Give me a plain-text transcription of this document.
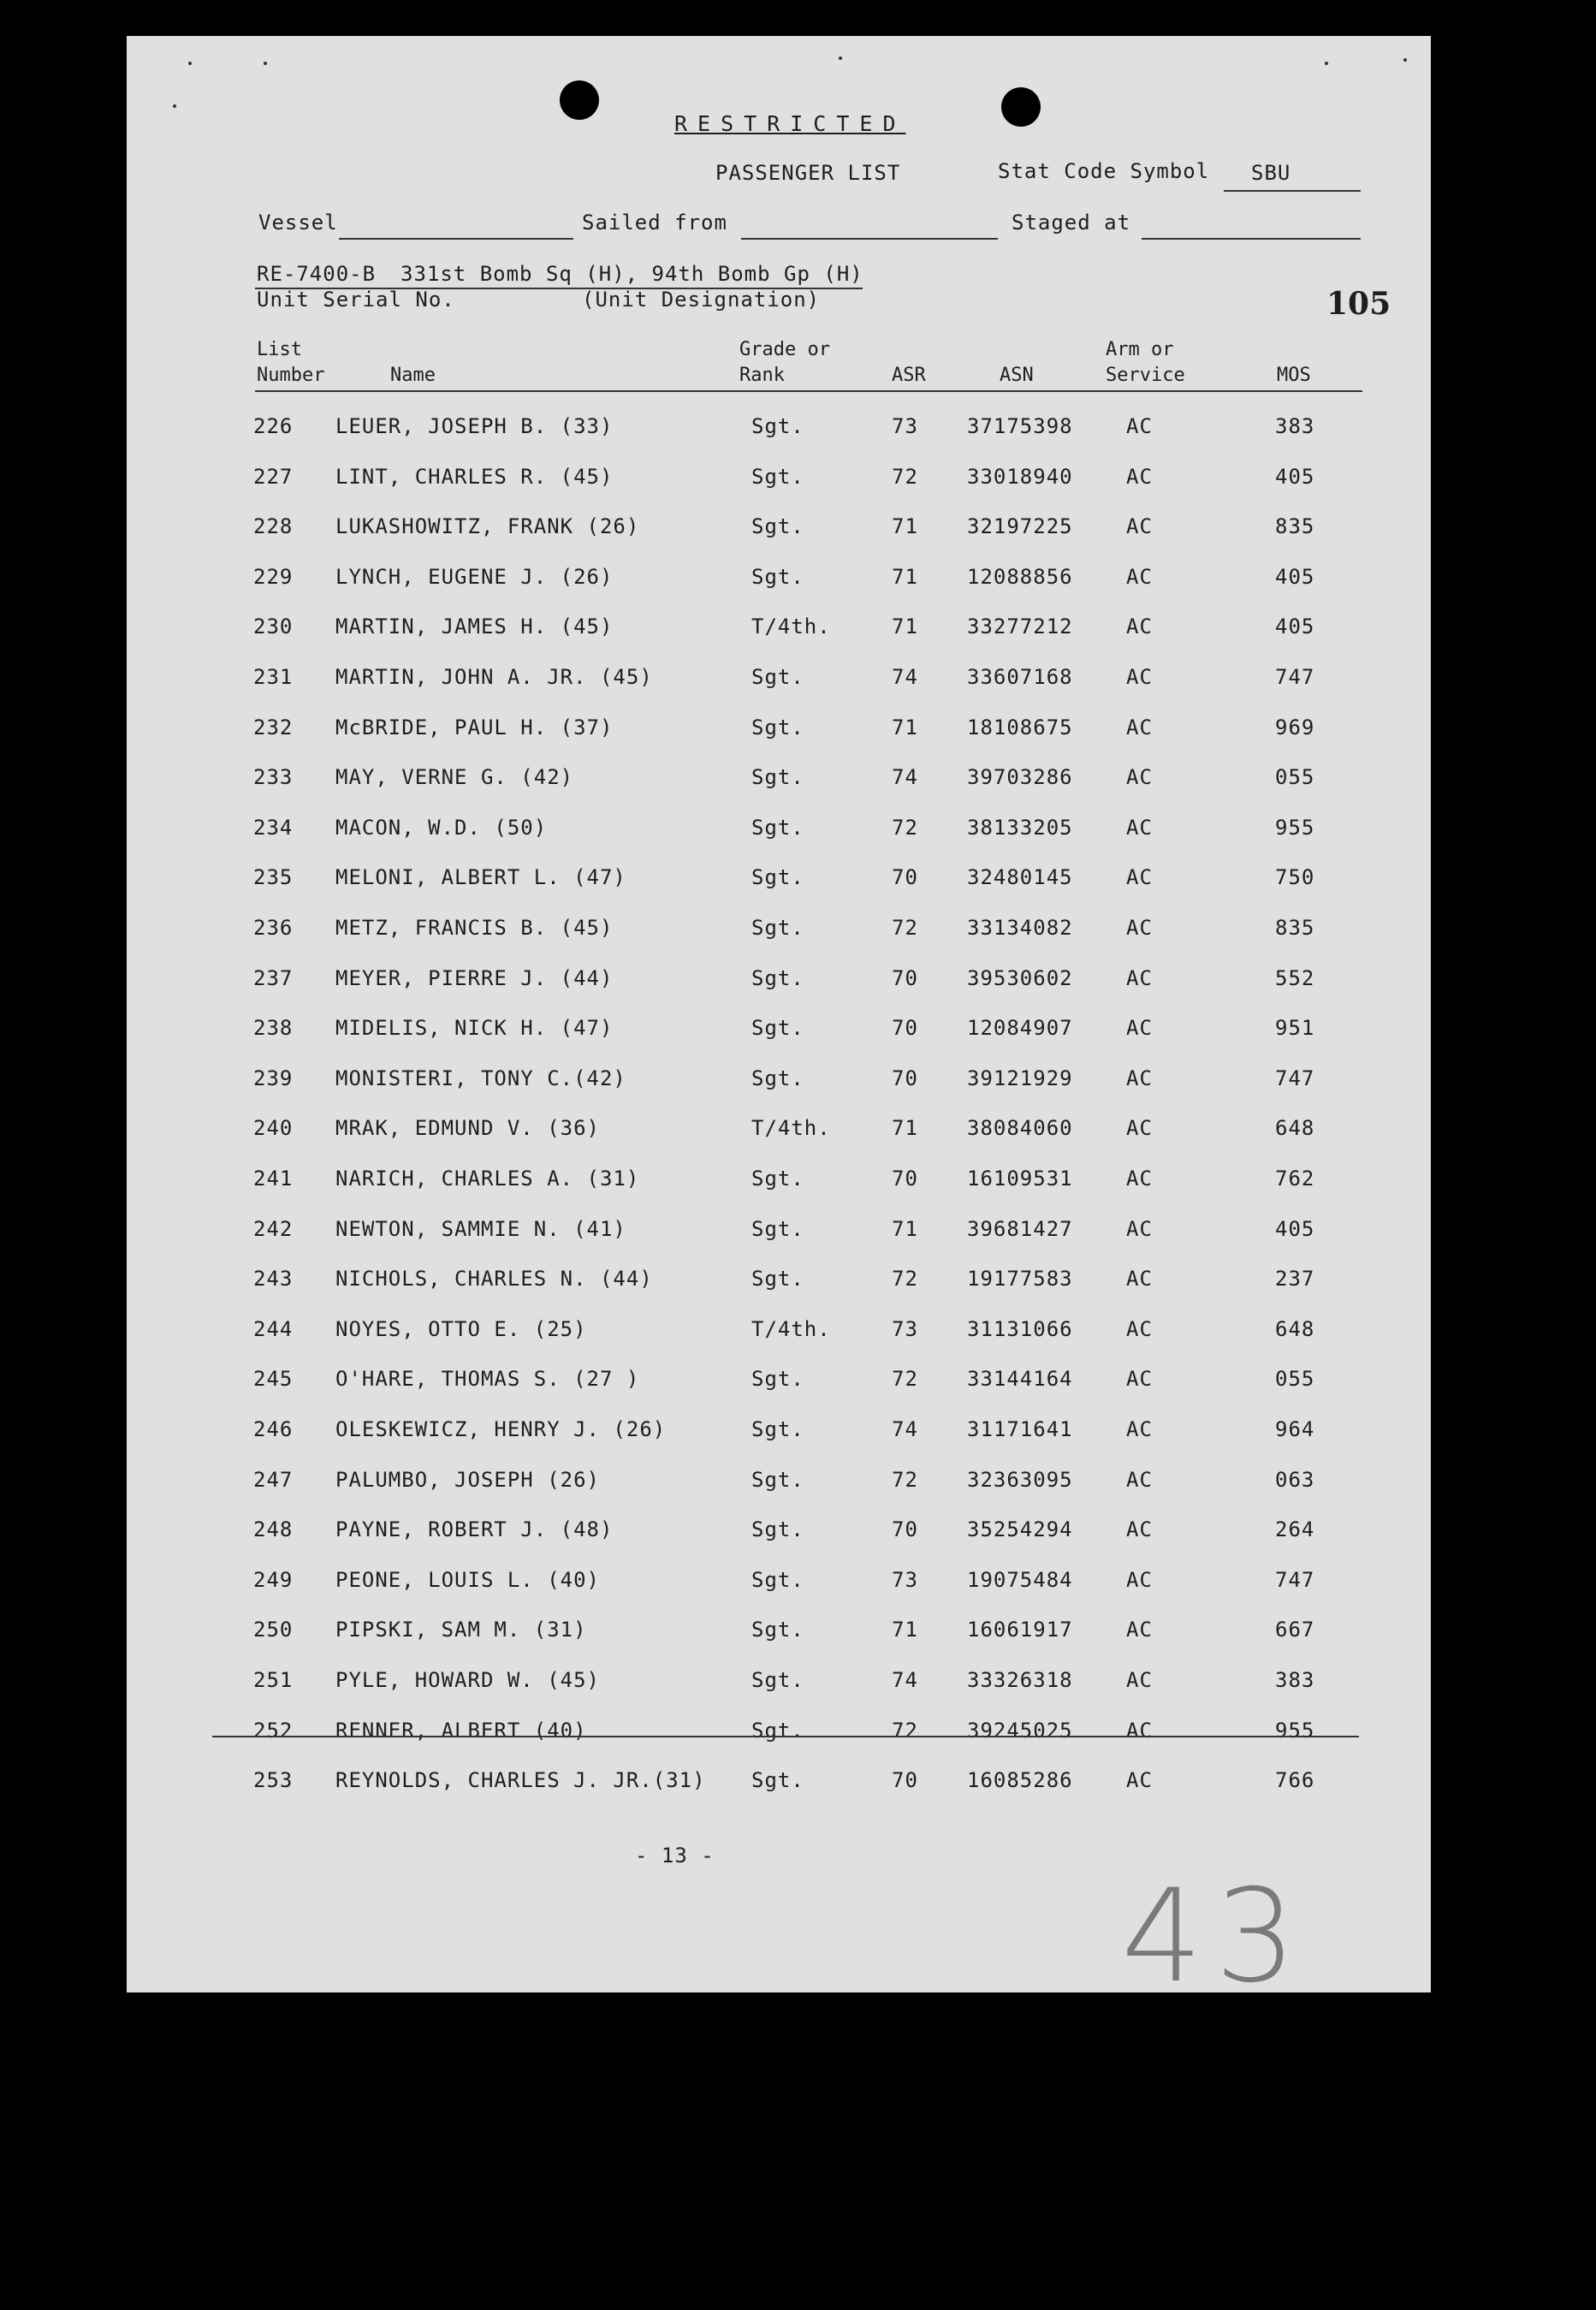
RESTRICTED
PASSENGER LIST	Stat Code Symbol SBU
Vessel	Sailed from	Staged at
RE-7400-B 331st Bomb Sq (H), 94th Bomb Gp (H)
Unit Serial No.	(Unit Designation)	105
List
Number	Name
Grade or
Rank	ASR	ASN
Arm or
Service	MOS
226 LEUER, JOSEPH B. (33)	Sgt.	73 37175398	AC	383
227 LINT, CHARLES R. (45)	Sgt.	72 33018940	AC	405
228 LUKASHOWITZ, FRANK (26)	Sgt.	71 32197225	AC	835
229 LYNCH, EUGENE J. (26)	Sgt.	71 12088856	AC	405
230 MARTIN, JAMES H. (45)	T/4th.	71 33277212	AC	405
231 MARTIN, JOHN A. JR. (45)	Sgt.	74 33607168	AC	747
232 McBRIDE, PAUL H. (37)	Sgt.	71 18108675	AC	969
233 MAY, VERNE G. (42)	Sgt.	74 39703286	AC	055
234 MACON, W.D. (50)	Sgt.	72 38133205	AC	955
235 MELONI, ALBERT L. (47)	Sgt.	70 32480145	AC	750
236 METZ, FRANCIS B. (45)	Sgt.	72 33134082	AC	835
237 MEYER, PIERRE J. (44)	Sgt.	70 39530602	AC	552
238 MIDELIS, NICK H. (47)	Sgt.	70 12084907	AC	951
239 MONISTERI, TONY C.(42)	Sgt.	70 39121929	AC	747
240 MRAK, EDMUND V. (36)	T/4th.	71 38084060	AC	648
241 NARICH, CHARLES A. (31)	Sgt.	70 16109531	AC	762
242 NEWTON, SAMMIE N. (41)	Sgt.	71 39681427	AC	405
243 NICHOLS, CHARLES N. (44)	Sgt.	72 19177583	AC	237
244 NOYES, OTTO E. (25)	T/4th.	73 31131066	AC	648
245 O'HARE, THOMAS S. (27 )	Sgt.	72 33144164	AC	055
246 OLESKEWICZ, HENRY J. (26)	Sgt.	74 31171641	AC	964
247 PALUMBO, JOSEPH (26)	Sgt.	72 32363095	AC	063
248 PAYNE, ROBERT J. (48)	Sgt.	70 35254294	AC	264
249 PEONE, LOUIS L. (40)	Sgt.	73 19075484	AC	747
250 PIPSKI, SAM M. (31)	Sgt.	71 16061917	AC	667
251 PYLE, HOWARD W. (45)	Sgt.	74 33326318	AC	383
252 RENNER, ALBERT (40)	Sgt.	72 39245025	AC	955
253 REYNOLDS, CHARLES J. JR.(31) Sgt.	70 16085286	AC	766
- 13 -
43
